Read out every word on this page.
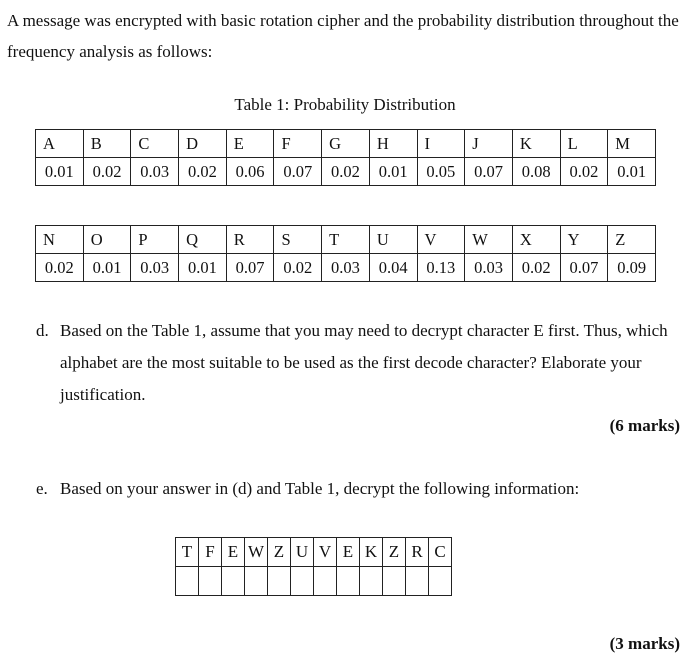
A message was encrypted with basic rotation cipher and the probability distribution throughout the frequency analysis as follows:
Table 1: Probability Distribution
A	B	C	D	E	F	G	H	I	J	K	L	M
0.01	0.02	0.03	0.02	0.06	0.07	0.02	0.01	0.05	0.07	0.08	0.02	0.01
N	O	P	Q	R	S	T	U	V	W	X	Y	Z
0.02	0.01	0.03	0.01	0.07	0.02	0.03	0.04	0.13	0.03	0.02	0.07	0.09
d. Based on the Table 1, assume that you may need to decrypt character E first. Thus, which alphabet are the most suitable to be used as the first decode character? Elaborate your justification.
(6 marks)
e. Based on your answer in (d) and Table 1, decrypt the following information:
T	F	E	W	Z	U	V	E	K	Z	R	C

(3 marks)
